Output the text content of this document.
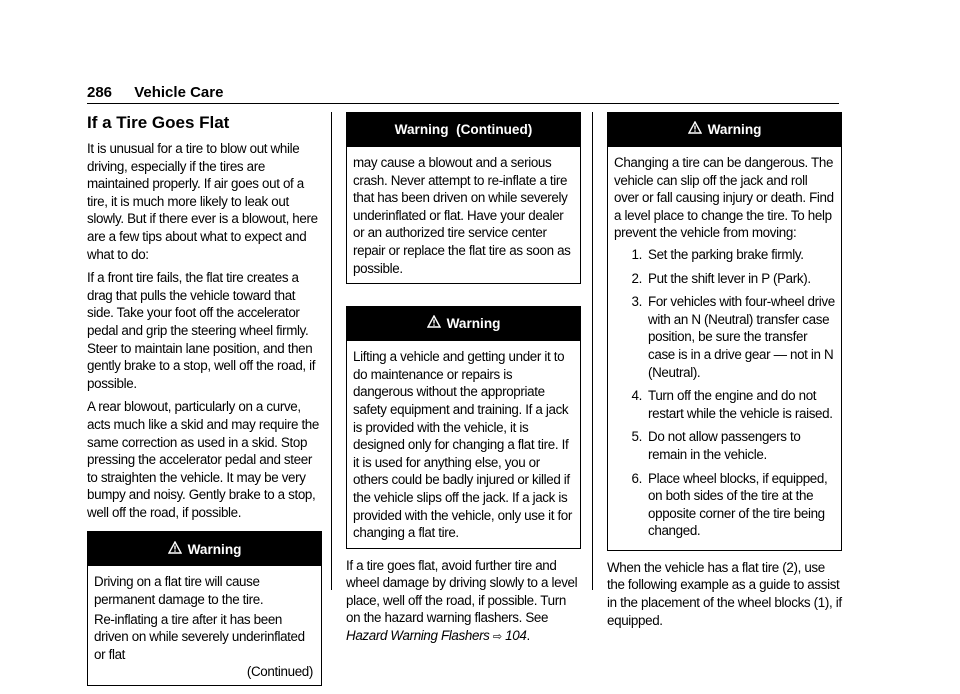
286 Vehicle Care
If a Tire Goes Flat

It is unusual for a tire to blow out while driving, especially if the tires are maintained properly. If air goes out of a tire, it is much more likely to leak out slowly. But if there ever is a blowout, here are a few tips about what to expect and what to do:

If a front tire fails, the flat tire creates a drag that pulls the vehicle toward that side. Take your foot off the accelerator pedal and grip the steering wheel firmly. Steer to maintain lane position, and then gently brake to a stop, well off the road, if possible.

A rear blowout, particularly on a curve, acts much like a skid and may require the same correction as used in a skid. Stop pressing the accelerator pedal and steer to straighten the vehicle. It may be very bumpy and noisy. Gently brake to a stop, well off the road, if possible.

Warning

Driving on a flat tire will cause permanent damage to the tire.

Re-inflating a tire after it has been driven on while severely underinflated or flat

(Continued)
Warning  (Continued)

may cause a blowout and a serious crash. Never attempt to re-inflate a tire that has been driven on while severely underinflated or flat. Have your dealer or an authorized tire service center repair or replace the flat tire as soon as possible.

Warning

Lifting a vehicle and getting under it to do maintenance or repairs is dangerous without the appropriate safety equipment and training. If a jack is provided with the vehicle, it is designed only for changing a flat tire. If it is used for anything else, you or others could be badly injured or killed if the vehicle slips off the jack. If a jack is provided with the vehicle, only use it for changing a flat tire.

If a tire goes flat, avoid further tire and wheel damage by driving slowly to a level place, well off the road, if possible. Turn on the hazard warning flashers. See Hazard Warning Flashers ⇨ 104.

Warning

Changing a tire can be dangerous. The vehicle can slip off the jack and roll over or fall causing injury or death. Find a level place to change the tire. To help prevent the vehicle from moving:

1. Set the parking brake firmly.
2. Put the shift lever in P (Park).
3. For vehicles with four-wheel drive with an N (Neutral) transfer case position, be sure the transfer case is in a drive gear — not in N (Neutral).
4. Turn off the engine and do not restart while the vehicle is raised.
5. Do not allow passengers to remain in the vehicle.
6. Place wheel blocks, if equipped, on both sides of the tire at the opposite corner of the tire being changed.

When the vehicle has a flat tire (2), use the following example as a guide to assist in the placement of the wheel blocks (1), if equipped.
